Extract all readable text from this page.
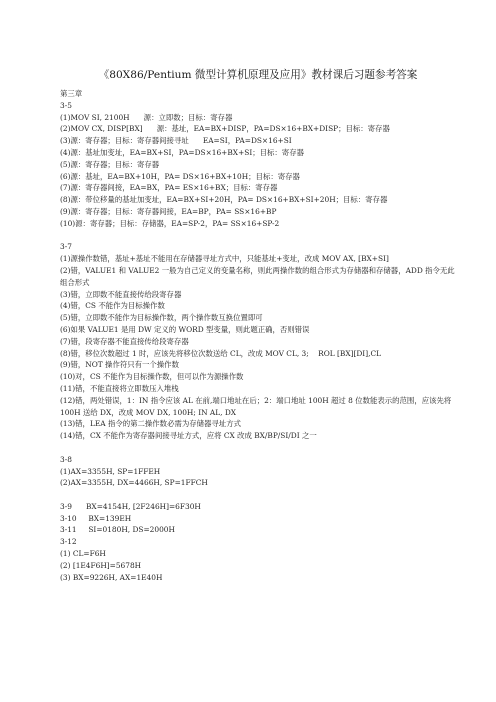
《80X86/Pentium 微型计算机原理及应用》教材课后习题参考答案
第三章
3-5
(1)MOV SI, 2100H      源：立即数；目标：寄存器
(2)MOV CX, DISP[BX]      源：基址，EA=BX+DISP，PA=DS×16+BX+DISP；目标：寄存器
(3)源：寄存器；目标：寄存器间接寻址      EA=SI，PA=DS×16+SI
(4)源：基址加变址，EA=BX+SI，PA=DS×16+BX+SI；目标：寄存器
(5)源：寄存器；目标：寄存器
(6)源：基址，EA=BX+10H，PA= DS×16+BX+10H；目标：寄存器
(7)源：寄存器间接，EA=BX，PA= ES×16+BX；目标：寄存器
(8)源：带位移量的基址加变址，EA=BX+SI+20H，PA= DS×16+BX+SI+20H；目标：寄存器
(9)源：寄存器；目标：寄存器间接，EA=BP，PA= SS×16+BP
(10)源：寄存器；目标：存储器，EA=SP-2，PA= SS×16+SP-2
3-7
(1)源操作数错，基址+基址不能用在存储器寻址方式中，只能基址+变址，改成 MOV AX, [BX+SI]
(2)错，VALUE1 和 VALUE2 一般为自己定义的变量名称，则此两操作数的组合形式为存储器和存储器，ADD 指令无此组合形式
(3)错，立即数不能直接传给段寄存器
(4)错，CS 不能作为目标操作数
(5)错，立即数不能作为目标操作数，两个操作数互换位置即可
(6)如果 VALUE1 是用 DW 定义的 WORD 型变量，则此题正确，否则错误
(7)错，段寄存器不能直接传给段寄存器
(8)错，移位次数超过 1 时，应该先将移位次数送给 CL，改成 MOV CL, 3;    ROL [BX][DI],CL
(9)错，NOT 操作符只有一个操作数
(10)对，CS 不能作为目标操作数，但可以作为源操作数
(11)错，不能直接将立即数压入堆栈
(12)错，两处错误，1：IN 指令应该 AL 在前,端口地址在后；2：端口地址 100H 超过 8 位数能表示的范围，应该先将 100H 送给 DX，改成 MOV DX, 100H; IN AL, DX
(13)错，LEA 指令的第二操作数必需为存储器寻址方式
(14)错，CX 不能作为寄存器间接寻址方式，应将 CX 改成 BX/BP/SI/DI 之一
3-8
(1)AX=3355H, SP=1FFEH
(2)AX=3355H, DX=4466H, SP=1FFCH
3-9      BX=4154H, [2F246H]=6F30H
3-10     BX=139EH
3-11     SI=0180H, DS=2000H
3-12
(1) CL=F6H
(2) [1E4F6H]=5678H
(3) BX=9226H, AX=1E40H
